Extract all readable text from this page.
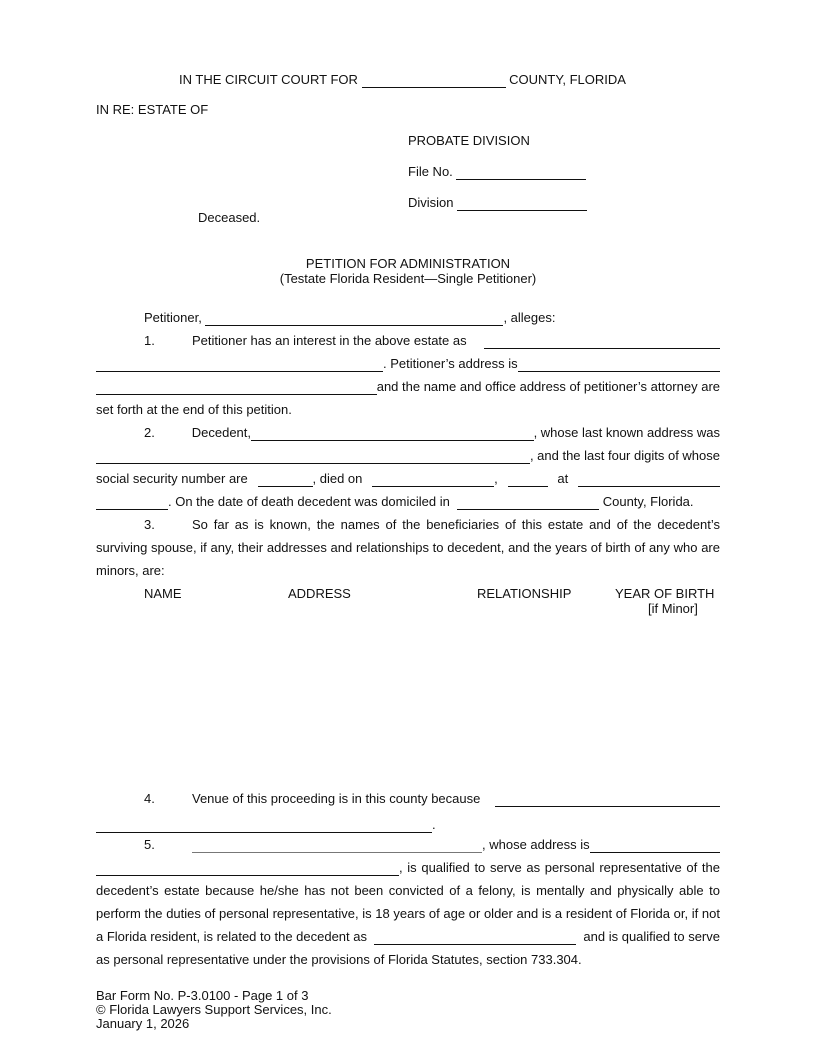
IN THE CIRCUIT COURT FOR

	COUNTY, FLORIDA
IN RE: ESTATE OF
PROBATE DIVISION
File No.

Division

Deceased.
PETITION FOR ADMINISTRATION
(Testate Florida Resident—Single Petitioner)
Petitioner,
	, alleges:
1.	Petitioner has an interest in the above estate as
. Petitioner’s address is
and the name and office address of petitioner’s attorney are
set forth at the end of this petition.
2.	Decedent,	, whose last known address was
, and the last four digits of whose
social security number are	, died on	,	at
. On the date of death decedent was domiciled in

	County, Florida.
3.	So far as is known, the names of the beneficiaries of this estate and of the decedent’s
surviving spouse, if any, their addresses and relationships to decedent, and the years of birth of any who are
minors, are:
NAME	ADDRESS	RELATIONSHIP	YEAR OF BIRTH
[if Minor]
4.	Venue of this proceeding is in this county because
.
5.	, whose address is
, is qualified to serve as personal representative of the
decedent’s estate because he/she has not been convicted of a felony, is mentally and physically able to
perform the duties of personal representative, is 18 years of age or older and is a resident of Florida or, if not
a Florida resident, is related to the decedent as	and is qualified to serve
as personal representative under the provisions of Florida Statutes, section 733.304.
Bar Form No. P-3.0100 - Page 1 of 3
© Florida Lawyers Support Services, Inc.
January 1, 2026
